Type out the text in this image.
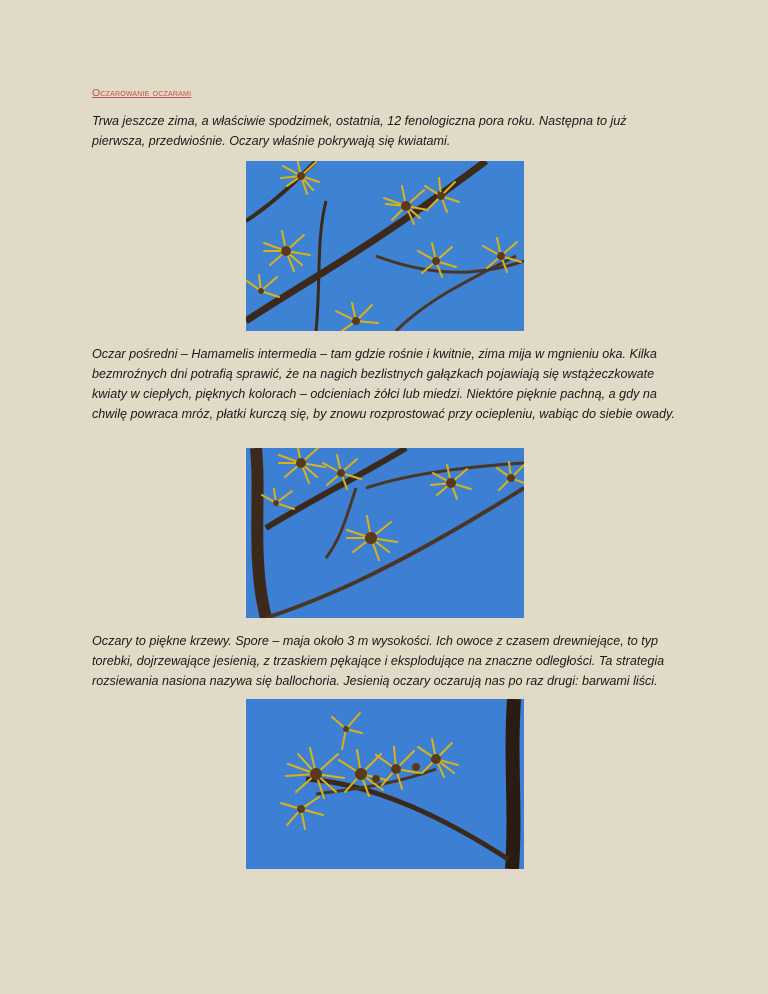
Oczarowanie oczarami
Trwa jeszcze zima, a właściwie spodzimek, ostatnia, 12 fenologiczna pora roku. Następna to już pierwsza, przedwiośnie. Oczary właśnie pokrywają się kwiatami.
Oczar pośredni – Hamamelis intermedia – tam gdzie rośnie i kwitnie, zima mija w mgnieniu oka. Kilka bezmroźnych dni potrafią sprawić, że na nagich bezlistnych gałązkach pojawiają się wstążeczkowate kwiaty w ciepłych, pięknych kolorach – odcieniach żółci lub miedzi. Niektóre pięknie pachną, a gdy na chwilę powraca mróz, płatki kurczą się, by znowu rozprostować przy ociepleniu, wabiąc do siebie owady.
Oczary to piękne krzewy. Spore – maja około 3 m wysokości. Ich owoce z czasem drewniejące, to typ torebki, dojrzewające jesienią, z trzaskiem pękające i eksplodujące na znaczne odległości. Ta strategia rozsiewania nasiona nazywa się ballochoria. Jesienią oczary oczarują nas po raz drugi: barwami liści.
